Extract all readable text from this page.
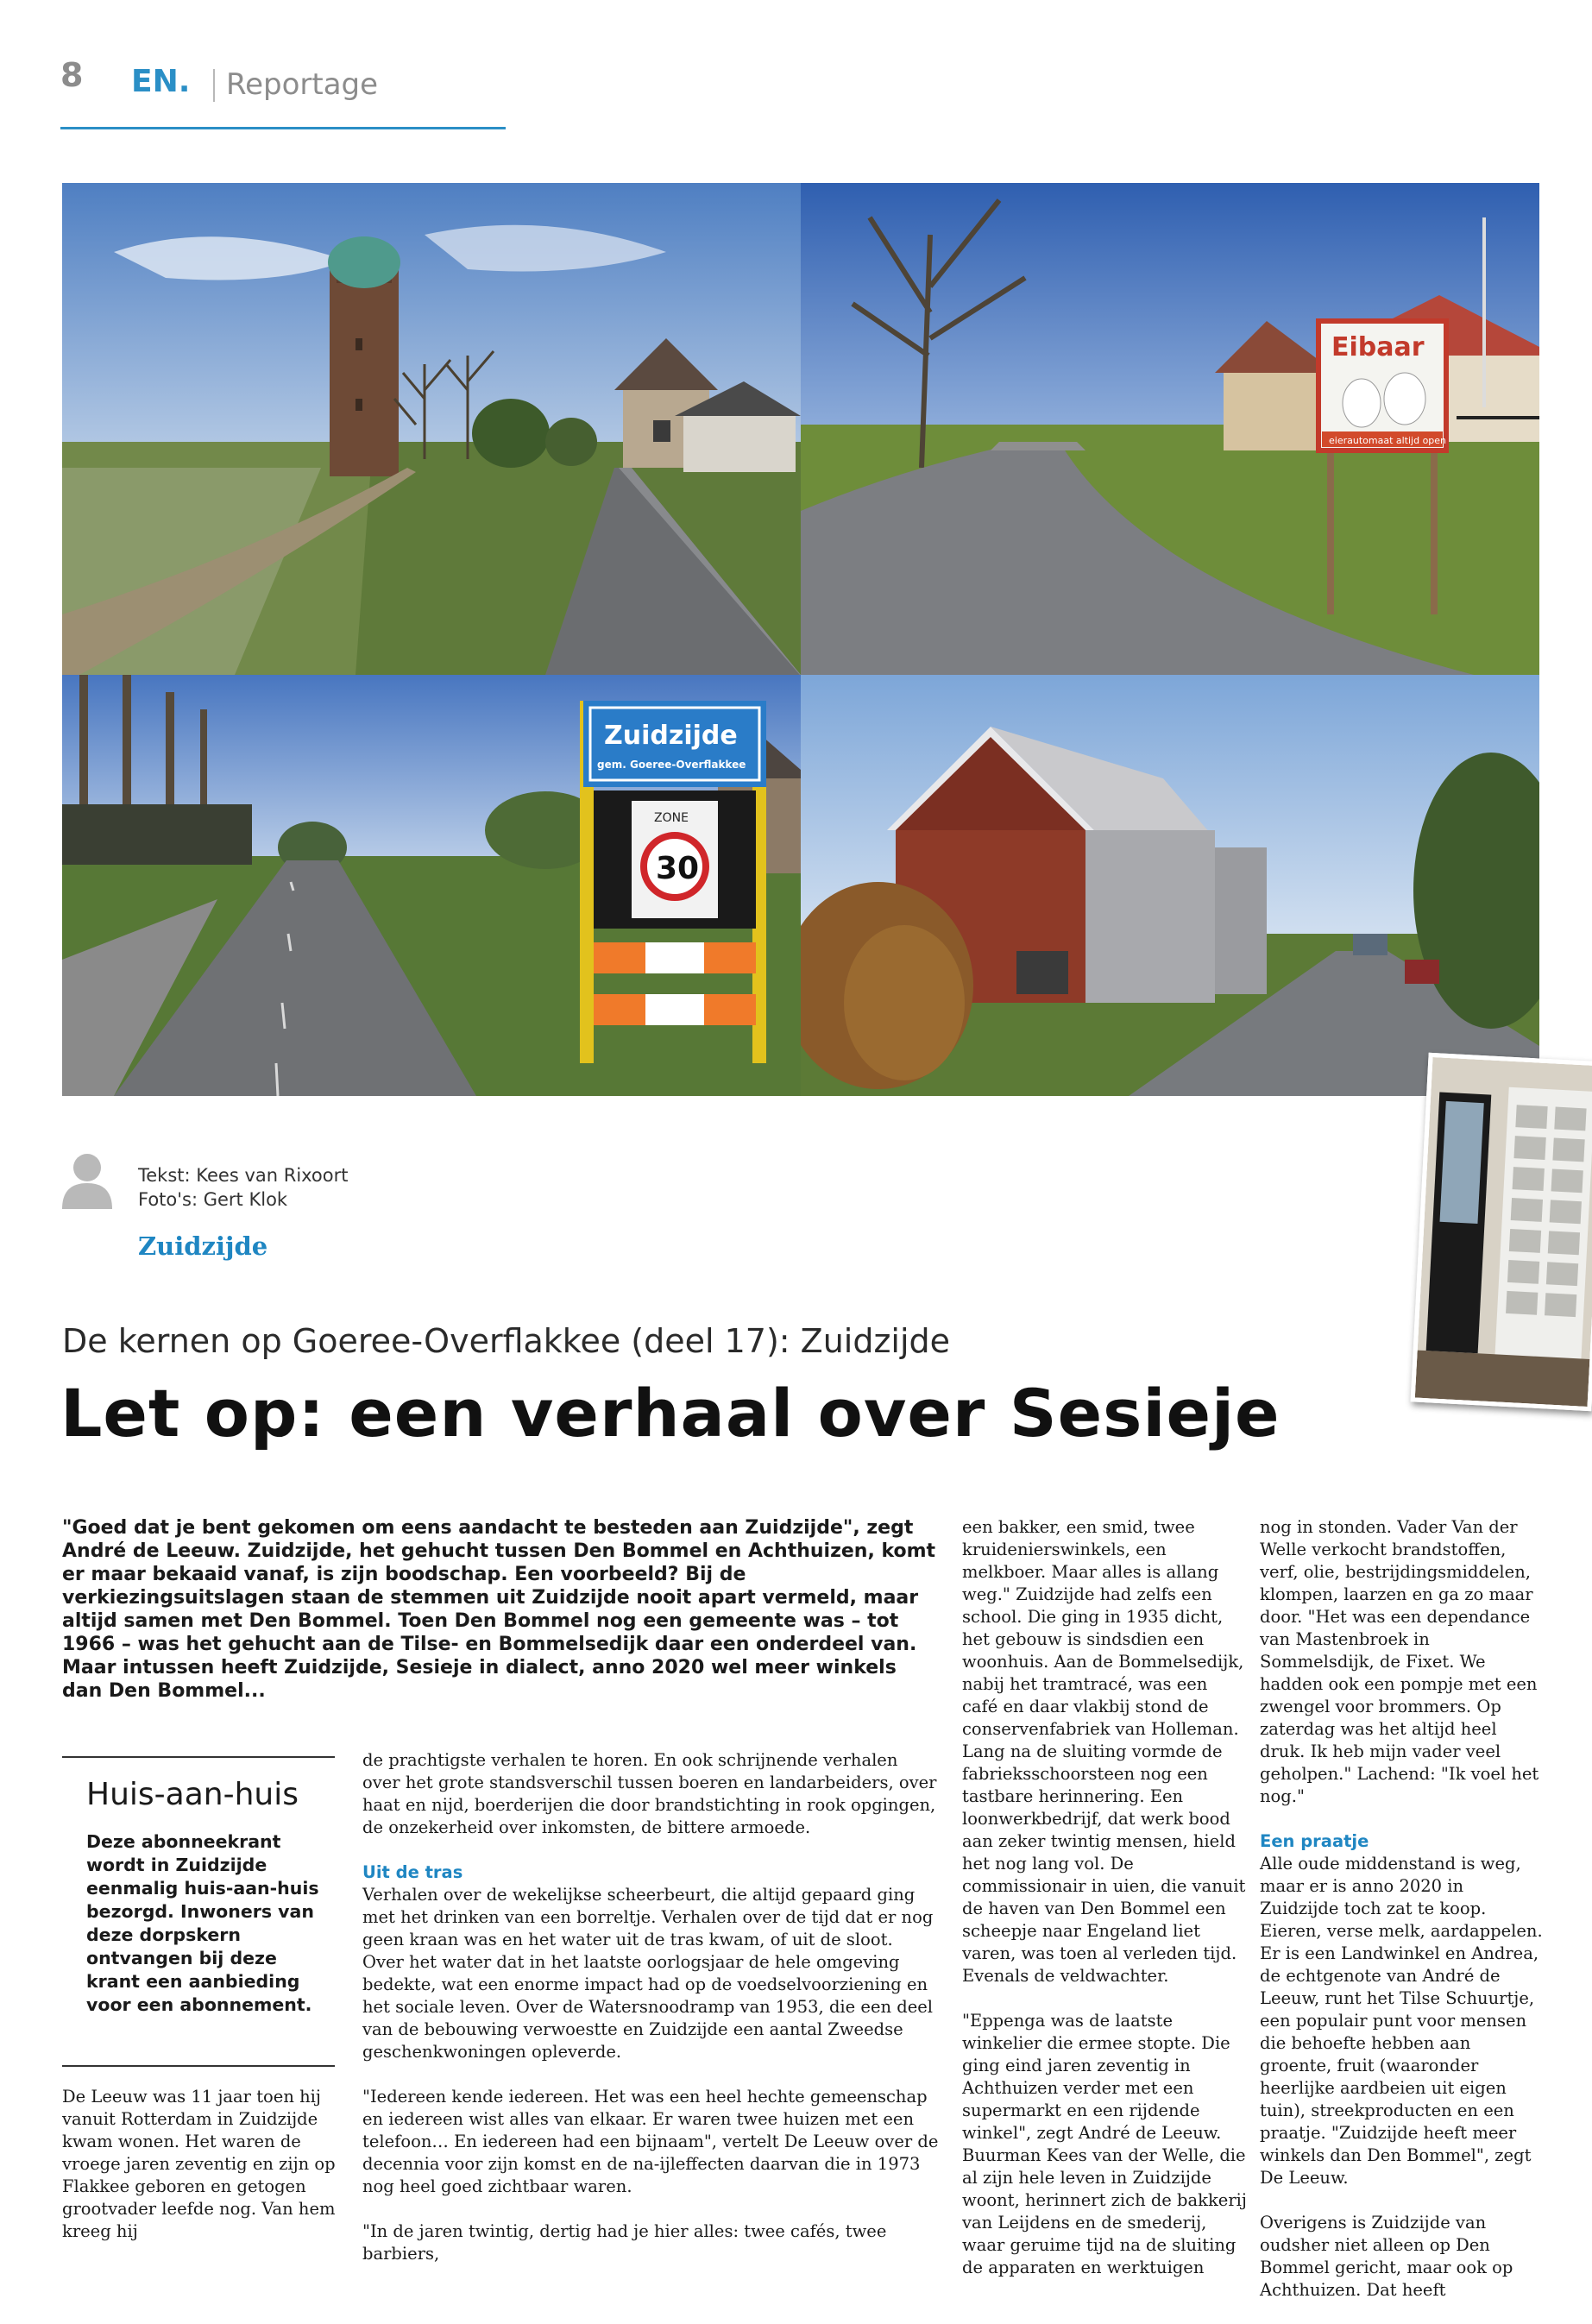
8 EN. Reportage
Eibaar
eierautomaat altijd open
Zuidzijde
gem. Goeree-Overflakkee
ZONE
30
Tekst: Kees van Rixoort
Foto's: Gert Klok
Zuidzijde
De kernen op Goeree-Overflakkee (deel 17): Zuidzijde
Let op: een verhaal over Sesieje
"Goed dat je bent gekomen om eens aandacht te besteden aan Zuidzijde", zegt André de Leeuw. Zuidzijde, het gehucht tussen Den Bommel en Achthuizen, komt er maar bekaaid vanaf, is zijn boodschap. Een voorbeeld? Bij de verkiezingsuitslagen staan de stemmen uit Zuidzijde nooit apart vermeld, maar altijd samen met Den Bommel. Toen Den Bommel nog een gemeente was – tot 1966 – was het gehucht aan de Tilse- en Bommelsedijk daar een onderdeel van. Maar intussen heeft Zuidzijde, Sesieje in dialect, anno 2020 wel meer winkels dan Den Bommel...
Huis-aan-huis
Deze abonneekrant wordt in Zuidzijde eenmalig huis-aan-huis bezorgd. Inwoners van deze dorpskern ontvangen bij deze krant een aanbieding voor een abonnement.

De Leeuw was 11 jaar toen hij vanuit Rotterdam in Zuidzijde kwam wonen. Het waren de vroege jaren zeventig en zijn op Flakkee geboren en getogen grootvader leefde nog. Van hem kreeg hij

de prachtigste verhalen te horen. En ook schrijnende verhalen over het grote standsverschil tussen boeren en landarbeiders, over haat en nijd, boerderijen die door brandstichting in rook opgingen, de onzekerheid over inkomsten, de bittere armoede.

Uit de tras
Verhalen over de wekelijkse scheerbeurt, die altijd gepaard ging met het drinken van een borreltje. Verhalen over de tijd dat er nog geen kraan was en het water uit de tras kwam, of uit de sloot. Over het water dat in het laatste oorlogsjaar de hele omgeving bedekte, wat een enorme impact had op de voedselvoorziening en het sociale leven. Over de Watersnoodramp van 1953, die een deel van de bebouwing verwoestte en Zuidzijde een aantal Zweedse geschenkwoningen opleverde.

"Iedereen kende iedereen. Het was een heel hechte gemeenschap en iedereen wist alles van elkaar. Er waren twee huizen met een telefoon… En iedereen had een bijnaam", vertelt De Leeuw over de decennia voor zijn komst en de na-ijleffecten daarvan die in 1973 nog heel goed zichtbaar waren.

"In de jaren twintig, dertig had je hier alles: twee cafés, twee barbiers,

een bakker, een smid, twee kruidenierswinkels, een melkboer. Maar alles is allang weg." Zuidzijde had zelfs een school. Die ging in 1935 dicht, het gebouw is sindsdien een woonhuis. Aan de Bommelsedijk, nabij het tramtracé, was een café en daar vlakbij stond de conservenfabriek van Holleman. Lang na de sluiting vormde de fabrieksschoorsteen nog een tastbare herinnering. Een loonwerkbedrijf, dat werk bood aan zeker twintig mensen, hield het nog lang vol. De commissionair in uien, die vanuit de haven van Den Bommel een scheepje naar Engeland liet varen, was toen al verleden tijd. Evenals de veldwachter.

"Eppenga was de laatste winkelier die ermee stopte. Die ging eind jaren zeventig in Achthuizen verder met een supermarkt en een rijdende winkel", zegt André de Leeuw. Buurman Kees van der Welle, die al zijn hele leven in Zuidzijde woont, herinnert zich de bakkerij van Leijdens en de smederij, waar geruime tijd na de sluiting de apparaten en werktuigen

nog in stonden. Vader Van der Welle verkocht brandstoffen, verf, olie, bestrijdingsmiddelen, klompen, laarzen en ga zo maar door. "Het was een dependance van Mastenbroek in Sommelsdijk, de Fixet. We hadden ook een pompje met een zwengel voor brommers. Op zaterdag was het altijd heel druk. Ik heb mijn vader veel geholpen." Lachend: "Ik voel het nog."

Een praatje
Alle oude middenstand is weg, maar er is anno 2020 in Zuidzijde toch zat te koop. Eieren, verse melk, aardappelen. Er is een Landwinkel en Andrea, de echtgenote van André de Leeuw, runt het Tilse Schuurtje, een populair punt voor mensen die behoefte hebben aan groente, fruit (waaronder heerlijke aardbeien uit eigen tuin), streekproducten en een praatje. "Zuidzijde heeft meer winkels dan Den Bommel", zegt De Leeuw.

Overigens is Zuidzijde van oudsher niet alleen op Den Bommel gericht, maar ook op Achthuizen. Dat heeft
